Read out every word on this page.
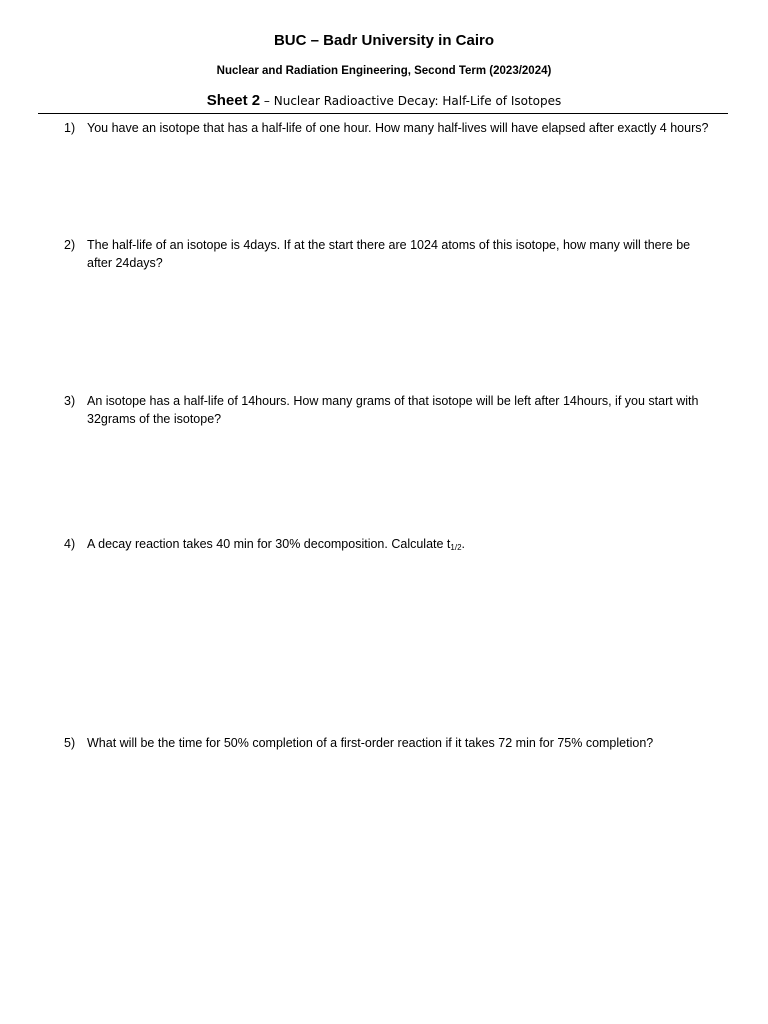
BUC – Badr University in Cairo
Nuclear and Radiation Engineering, Second Term (2023/2024)
Sheet 2 – Nuclear Radioactive Decay: Half-Life of Isotopes
1) You have an isotope that has a half-life of one hour. How many half-lives will have elapsed after exactly 4 hours?
2) The half-life of an isotope is 4days. If at the start there are 1024 atoms of this isotope, how many will there be after 24days?
3) An isotope has a half-life of 14hours. How many grams of that isotope will be left after 14hours, if you start with 32grams of the isotope?
4) A decay reaction takes 40 min for 30% decomposition. Calculate $t_{1/2}$.
5) What will be the time for 50% completion of a first-order reaction if it takes 72 min for 75% completion?
